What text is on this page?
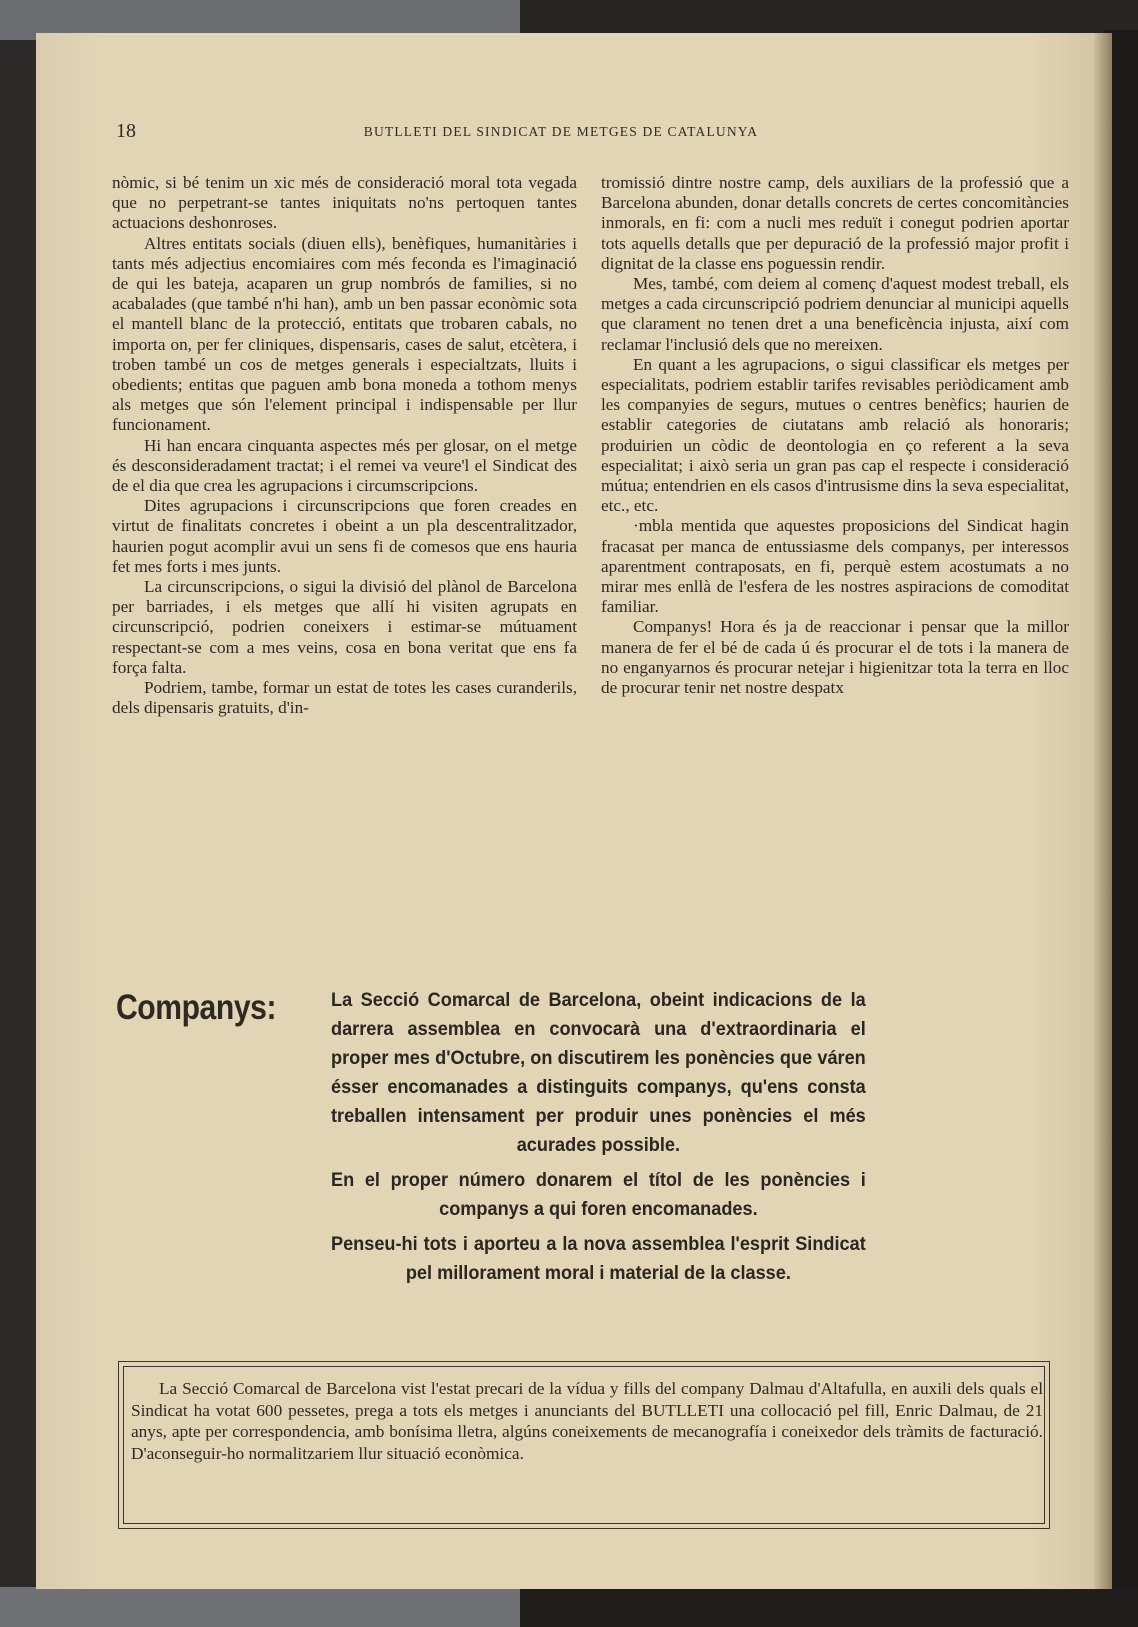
18	BUTLLETI DEL SINDICAT DE METGES DE CATALUNYA

nòmic, si bé tenim un xic més de consideració moral tota vegada que no perpetrant-se tantes iniquitats no'ns pertoquen tantes actuacions deshonroses.

Altres entitats socials (diuen ells), benèfiques, humanitàries i tants més adjectius encomiaires com més feconda es l'imaginació de qui les bateja, acaparen un grup nombrós de families, si no acabalades (que també n'hi han), amb un ben passar econòmic sota el mantell blanc de la protecció, entitats que trobaren cabals, no importa on, per fer cliniques, dispensaris, cases de salut, etcètera, i troben també un cos de metges generals i especialtzats, lluits i obedients; entitas que paguen amb bona moneda a tothom menys als metges que són l'element principal i indispensable per llur funcionament.

Hi han encara cinquanta aspectes més per glosar, on el metge és desconsideradament tractat; i el remei va veure'l el Sindicat des de el dia que crea les agrupacions i circumscripcions.

Dites agrupacions i circunscripcions que foren creades en virtut de finalitats concretes i obeint a un pla descentralitzador, haurien pogut acomplir avui un sens fi de comesos que ens hauria fet mes forts i mes junts.

La circunscripcions, o sigui la divisió del plànol de Barcelona per barriades, i els metges que allí hi visiten agrupats en circunscripció, podrien coneixers i estimar-se mútuament respectant-se com a mes veins, cosa en bona veritat que ens fa força falta.

Podriem, tambe, formar un estat de totes les cases curanderils, dels dipensaris gratuits, d'in-

tromissió dintre nostre camp, dels auxiliars de la professió que a Barcelona abunden, donar detalls concrets de certes concomitàncies inmorals, en fi: com a nucli mes reduït i conegut podrien aportar tots aquells detalls que per depuració de la professió major profit i dignitat de la classe ens poguessin rendir.

Mes, també, com deiem al començ d'aquest modest treball, els metges a cada circunscripció podriem denunciar al municipi aquells que clarament no tenen dret a una beneficència injusta, així com reclamar l'inclusió dels que no mereixen.

En quant a les agrupacions, o sigui classificar els metges per especialitats, podriem establir tarifes revisables periòdicament amb les companyies de segurs, mutues o centres benèfics; haurien de establir categories de ciutatans amb relació als honoraris; produirien un còdic de deontologia en ço referent a la seva especialitat; i això seria un gran pas cap el respecte i consideració mútua; entendrien en els casos d'intrusisme dins la seva especialitat, etc., etc.

·mbla mentida que aquestes proposicions del Sindicat hagin fracasat per manca de entussiasme dels companys, per interessos aparentment contraposats, en fi, perquè estem acostumats a no mirar mes enllà de l'esfera de les nostres aspiracions de comoditat familiar.

Companys! Hora és ja de reaccionar i pensar que la millor manera de fer el bé de cada ú és procurar el de tots i la manera de no enganyarnos és procurar netejar i higienitzar tota la terra en lloc de procurar tenir net nostre despatx

Companys:	La Secció Comarcal de Barcelona, obeint indicacions de la darrera assemblea en convocarà una d'extraordinaria el proper mes d'Octubre, on discutirem les ponències que váren ésser encomanades a distinguits companys, qu'ens consta treballen intensament per produir unes ponències el més acurades possible.

En el proper número donarem el títol de les ponències i companys a qui foren encomanades.

Penseu-hi tots i aporteu a la nova assemblea l'esprit Sindicat pel millorament moral i material de la classe.

La Secció Comarcal de Barcelona vist l'estat precari de la vídua y fills del company Dalmau d'Altafulla, en auxili dels quals el Sindicat ha votat 600 pessetes, prega a tots els metges i anunciants del BUTLLETI una collocació pel fill, Enric Dalmau, de 21 anys, apte per correspondencia, amb bonísima lletra, algúns coneixements de mecanografía i coneixedor dels tràmits de facturació. D'aconseguir-ho normalitzariem llur situació econòmica.
